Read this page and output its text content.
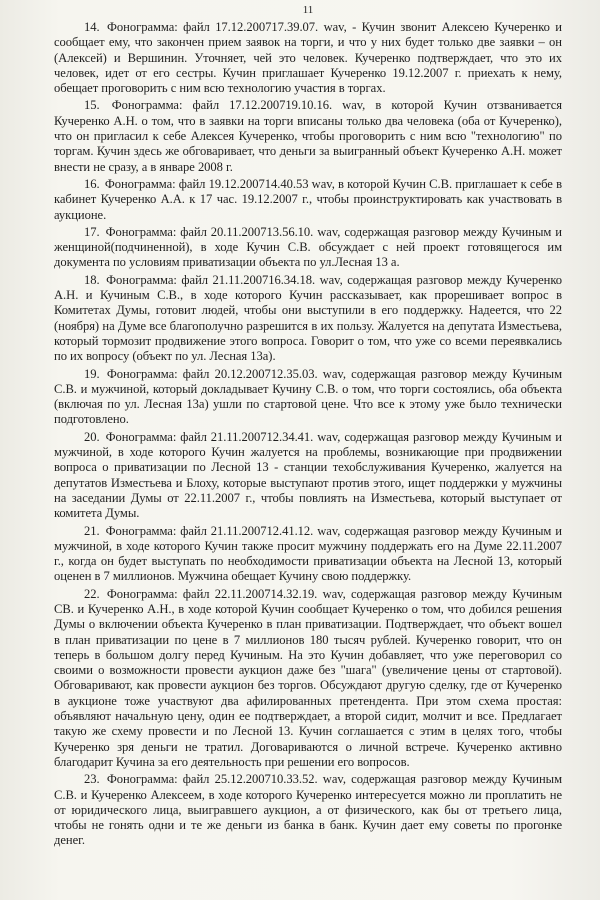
11

14. Фонограмма: файл 17.12.200717.39.07. wav, - Кучин звонит Алексею Кучеренко и сообщает ему, что закончен прием заявок на торги, и что у них будет только две заявки – он (Алексей) и Вершинин. Уточняет, чей это человек. Кучеренко подтверждает, что это их человек, идет от его сестры. Кучин приглашает Кучеренко 19.12.2007 г. приехать к нему, обещает проговорить с ним всю технологию участия в торгах.

15. Фонограмма: файл 17.12.200719.10.16. wav, в которой Кучин отзванивается Кучеренко А.Н. о том, что в заявки на торги вписаны только два человека (оба от Кучеренко), что он пригласил к себе Алексея Кучеренко, чтобы проговорить с ним всю "технологию" по торгам. Кучин здесь же обговаривает, что деньги за выигранный объект Кучеренко А.Н. может внести не сразу, а в январе 2008 г.

16. Фонограмма: файл 19.12.200714.40.53 wav, в которой Кучин С.В. приглашает к себе в кабинет Кучеренко А.А. к 17 час. 19.12.2007 г., чтобы проинструктировать как участвовать в аукционе.

17. Фонограмма: файл 20.11.200713.56.10. wav, содержащая разговор между Кучиным и женщиной(подчиненной), в ходе Кучин С.В. обсуждает с ней проект готовящегося им документа по условиям приватизации объекта по ул.Лесная 13 а.

18. Фонограмма: файл 21.11.200716.34.18. wav, содержащая разговор между Кучеренко А.Н. и Кучиным С.В., в ходе которого Кучин рассказывает, как прорешивает вопрос в Комитетах Думы, готовит людей, чтобы они выступили в его поддержку. Надеется, что 22 (ноября) на Думе все благополучно разрешится в их пользу. Жалуется на депутата Изместьева, который тормозит продвижение этого вопроса. Говорит о том, что уже со всеми переявкались по их вопросу (объект по ул. Лесная 13а).

19. Фонограмма: файл 20.12.200712.35.03. wav, содержащая разговор между Кучиным С.В. и мужчиной, который докладывает Кучину С.В. о том, что торги состоялись, оба объекта (включая по ул. Лесная 13а) ушли по стартовой цене. Что все к этому уже было технически подготовлено.

20. Фонограмма: файл 21.11.200712.34.41. wav, содержащая разговор между Кучиным и мужчиной, в ходе которого Кучин жалуется на проблемы, возникающие при продвижении вопроса о приватизации по Лесной 13 - станции техобслуживания Кучеренко, жалуется на депутатов Изместьева и Блоху, которые выступают против этого, ищет поддержки у мужчины на заседании Думы от 22.11.2007 г., чтобы повлиять на Изместьева, который выступает от комитета Думы.

21. Фонограмма: файл 21.11.200712.41.12. wav, содержащая разговор между Кучиным и мужчиной, в ходе которого Кучин также просит мужчину поддержать его на Думе 22.11.2007 г., когда он будет выступать по необходимости приватизации объекта на Лесной 13, который оценен в 7 миллионов. Мужчина обещает Кучину свою поддержку.

22. Фонограмма: файл 22.11.200714.32.19. wav, содержащая разговор между Кучиным СВ. и Кучеренко А.Н., в ходе которой Кучин сообщает Кучеренко о том, что добился решения Думы о включении объекта Кучеренко в план приватизации. Подтверждает, что объект вошел в план приватизации по цене в 7 миллионов 180 тысяч рублей. Кучеренко говорит, что он теперь в большом долгу перед Кучиным. На это Кучин добавляет, что уже переговорил со своими о возможности провести аукцион даже без "шага" (увеличение цены от стартовой). Обговаривают, как провести аукцион без торгов. Обсуждают другую сделку, где от Кучеренко в аукционе тоже участвуют два афилированных претендента. При этом схема простая: объявляют начальную цену, один ее подтверждает, а второй сидит, молчит и все. Предлагает такую же схему провести и по Лесной 13. Кучин соглашается с этим в целях того, чтобы Кучеренко зря деньги не тратил. Договариваются о личной встрече. Кучеренко активно благодарит Кучина за его деятельность при решении его вопросов.

23. Фонограмма: файл 25.12.200710.33.52. wav, содержащая разговор между Кучиным С.В. и Кучеренко Алексеем, в ходе которого Кучеренко интересуется можно ли проплатить не от юридического лица, выигравшего аукцион, а от физического, как бы от третьего лица, чтобы не гонять одни и те же деньги из банка в банк. Кучин дает ему советы по прогонке денег.
